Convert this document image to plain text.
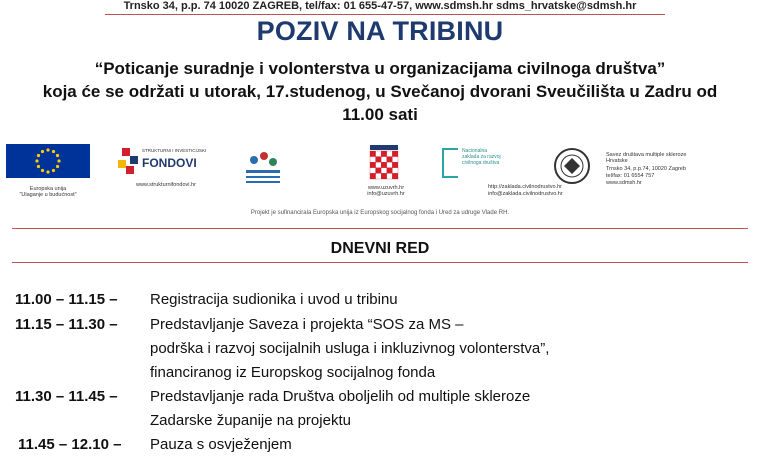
Trnsko 34, p.p. 74 10020 ZAGREB, tel/fax: 01 655-47-57, www.sdmsh.hr sdms_hrvatske@sdmsh.hr
POZIV NA TRIBINU
“Poticanje suradnje i volonterstva u organizacijama civilnoga društva”
koja će se održati u utorak, 17.studenog, u Svečanoj dvorani Sveučilišta u Zadru od
11.00 sati
Europska unija
"Ulaganje u budućnost"
STRUKTURNI I INVESTICIJSKI
FONDOVI
www.strukturnifondovi.hr	www.uzuvrh.hr
info@uzuvrh.hr
Nacionalna zaklada za razvoj civilnoga društva
http://zaklada.civilnodrustvo.hr
info@zaklada.civilnodrustvo.hr
Savez društava multiple skleroze Hrvatske
Trnsko 34, p.p.74, 10020 Zagreb
tel/fax: 01 6554 757
www.sdmsh.hr
Projekt je sufinancirala Europska unija iz Europskog socijalnog fonda i Ured za udruge Vlade RH.
DNEVNI RED
11.00 – 11.15 – Registracija sudionika i uvod u tribinu
11.15 – 11.30 – Predstavljanje Saveza i projekta “SOS za MS –
podrška i razvoj socijalnih usluga i inkluzivnog volonterstva”,
financiranog iz Europskog socijalnog fonda
11.30 – 11.45 – Predstavljanje rada Društva oboljelih od multiple skleroze
Zadarske županije na projektu
11.45 – 12.10 – Pauza s osvježenjem
